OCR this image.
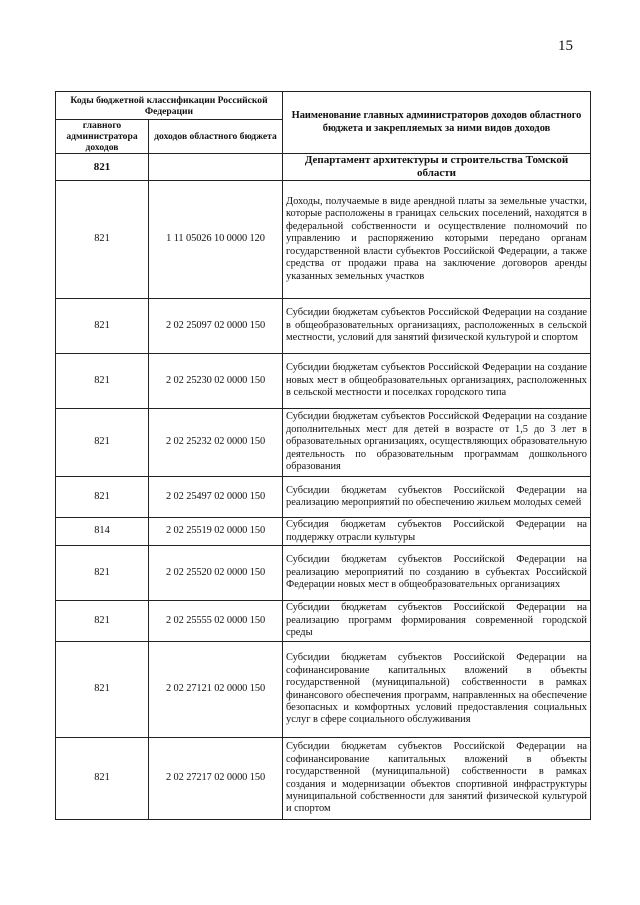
15
Коды бюджетной классификации Российской Федерации		Наименование главных администраторов доходов областного бюджета и закрепляемых за ними видов доходов
главного администратора доходов	доходов областного бюджета	
821		Департамент архитектуры и строительства Томской области
821	1 11 05026 10 0000 120	Доходы, получаемые в виде арендной платы за земельные участки, которые расположены в границах сельских поселений, находятся в федеральной собственности и осуществление полномочий по управлению и распоряжению которыми передано органам государственной власти субъектов Российской Федерации, а также средства от продажи права на заключение договоров аренды указанных земельных участков
821	2 02 25097 02 0000 150	Субсидии бюджетам субъектов Российской Федерации на создание в общеобразовательных организациях, расположенных в сельской местности, условий для занятий физической культурой и спортом
821	2 02 25230 02 0000 150	Субсидии бюджетам субъектов Российской Федерации на создание новых мест в общеобразовательных организациях, расположенных в сельской местности и поселках городского типа
821	2 02 25232 02 0000 150	Субсидии бюджетам субъектов Российской Федерации на создание дополнительных мест для детей в возрасте от 1,5 до 3 лет в образовательных организациях, осуществляющих образовательную деятельность по образовательным программам дошкольного образования
821	2 02 25497 02 0000 150	Субсидии бюджетам субъектов Российской Федерации на реализацию мероприятий по обеспечению жильем молодых семей
814	2 02 25519 02 0000 150	Субсидия бюджетам субъектов Российской Федерации на поддержку отрасли культуры
821	2 02 25520 02 0000 150	Субсидии бюджетам субъектов Российской Федерации на реализацию мероприятий по созданию в субъектах Российской Федерации новых мест в общеобразовательных организациях
821	2 02 25555 02 0000 150	Субсидии бюджетам субъектов Российской Федерации на реализацию программ формирования современной городской среды
821	2 02 27121 02 0000 150	Субсидии бюджетам субъектов Российской Федерации на софинансирование капитальных вложений в объекты государственной (муниципальной) собственности в рамках финансового обеспечения программ, направленных на обеспечение безопасных и комфортных условий предоставления социальных услуг в сфере социального обслуживания
821	2 02 27217 02 0000 150	Субсидии бюджетам субъектов Российской Федерации на софинансирование капитальных вложений в объекты государственной (муниципальной) собственности в рамках создания и модернизации объектов спортивной инфраструктуры муниципальной собственности для занятий физической культурой и спортом
